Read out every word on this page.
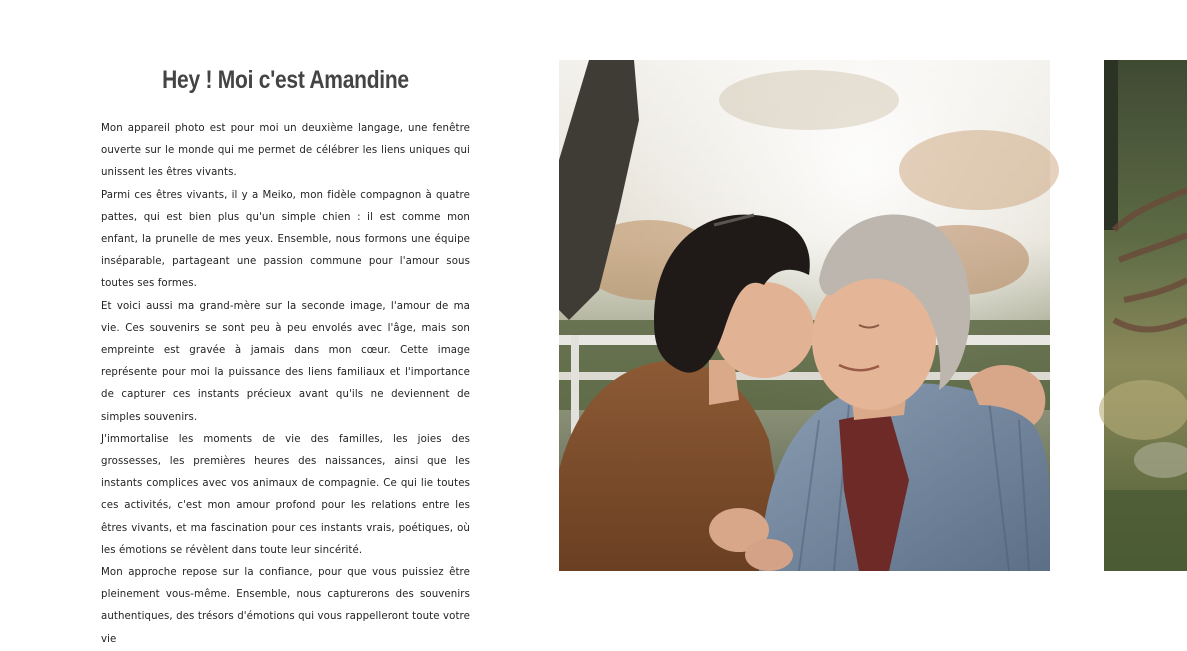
Hey ! Moi c'est Amandine

Mon appareil photo est pour moi un deuxième langage, une fenêtre ouverte sur le monde qui me permet de célébrer les liens uniques qui unissent les êtres vivants.

Parmi ces êtres vivants, il y a Meiko, mon fidèle compagnon à quatre pattes, qui est bien plus qu'un simple chien : il est comme mon enfant, la prunelle de mes yeux. Ensemble, nous formons une équipe inséparable, partageant une passion commune pour l'amour sous toutes ses formes.

Et voici aussi ma grand-mère sur la seconde image, l'amour de ma vie. Ces souvenirs se sont peu à peu envolés avec l'âge, mais son empreinte est gravée à jamais dans mon cœur. Cette image représente pour moi la puissance des liens familiaux et l'importance de capturer ces instants précieux avant qu'ils ne deviennent de simples souvenirs.

J'immortalise les moments de vie des familles, les joies des grossesses, les premières heures des naissances, ainsi que les instants complices avec vos animaux de compagnie. Ce qui lie toutes ces activités, c'est mon amour profond pour les relations entre les êtres vivants, et ma fascination pour ces instants vrais, poétiques, où les émotions se révèlent dans toute leur sincérité.

Mon approche repose sur la confiance, pour que vous puissiez être pleinement vous-même. Ensemble, nous capturerons des souvenirs authentiques, des trésors d'émotions qui vous rappelleront toute votre vie
